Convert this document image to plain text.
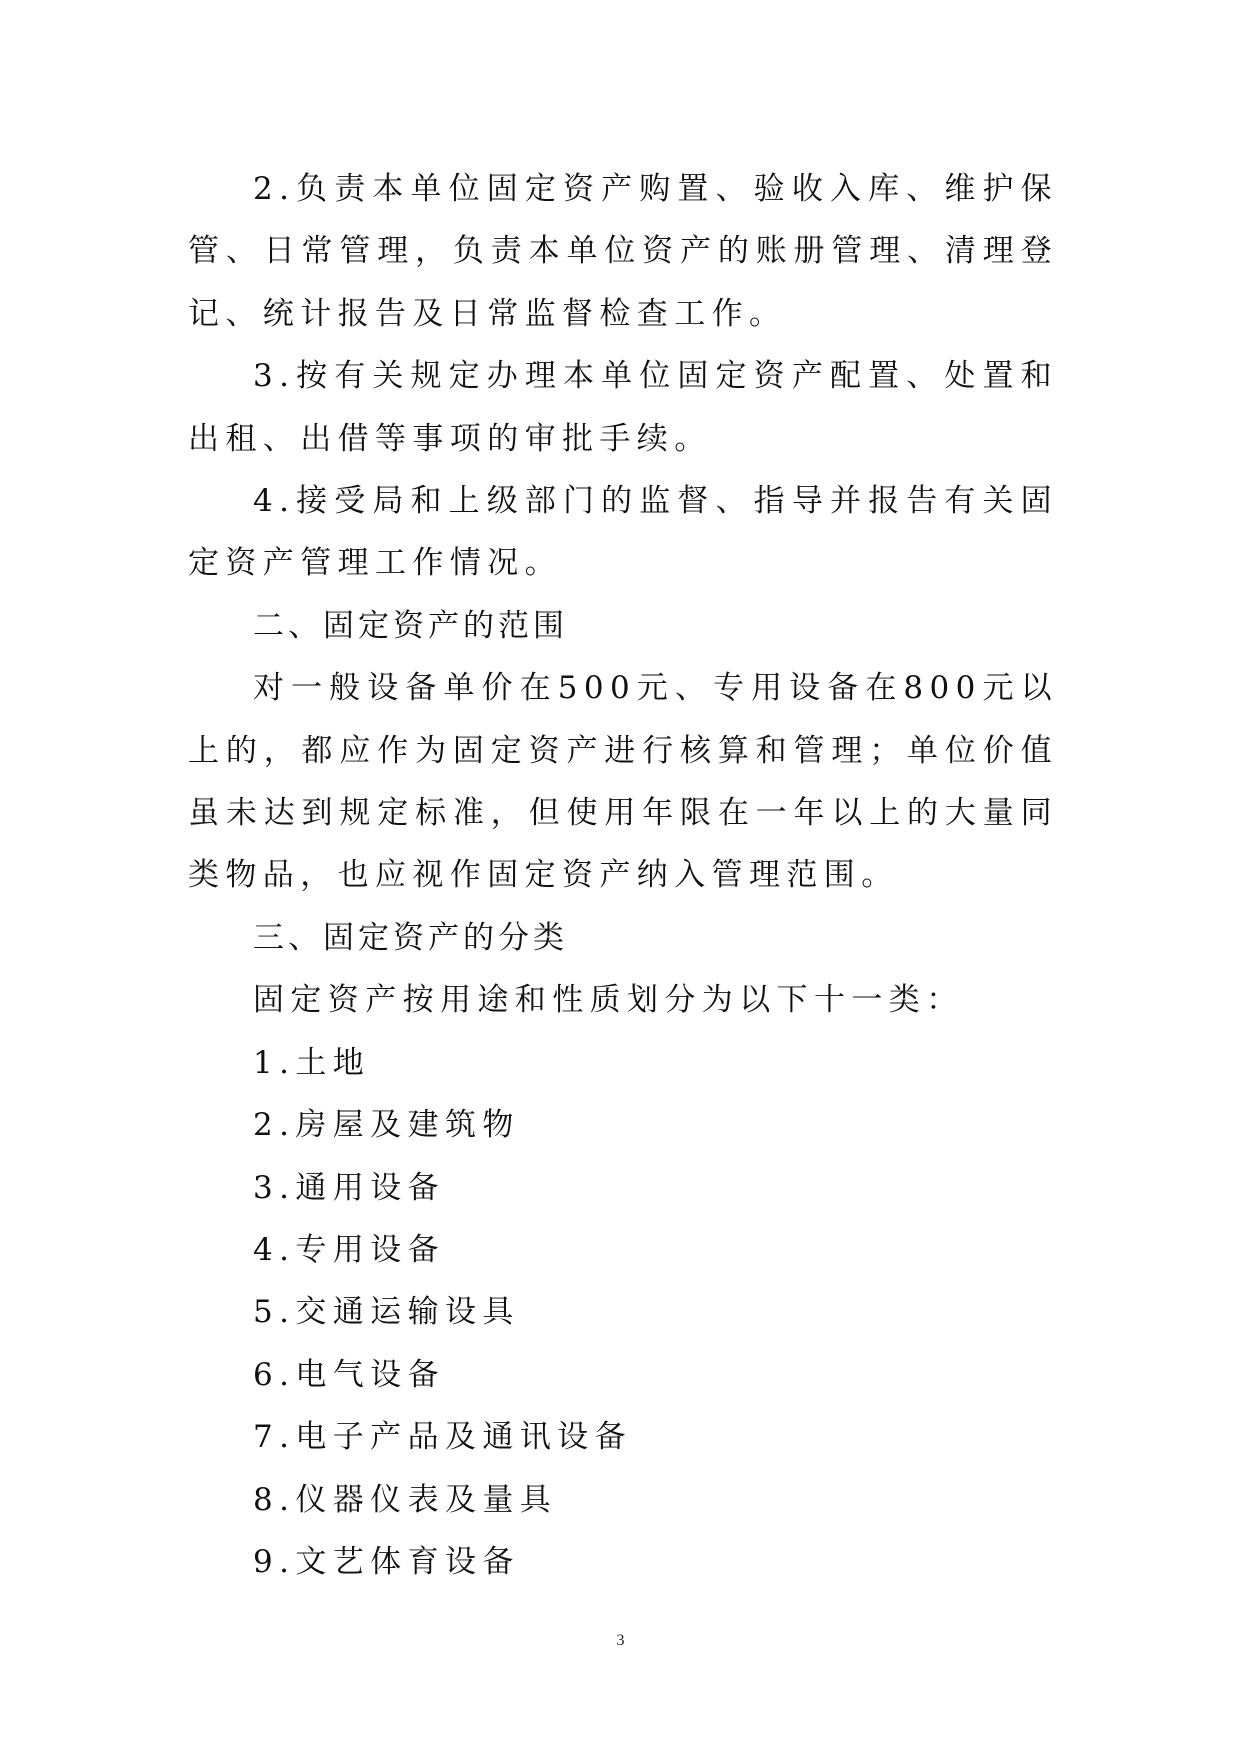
2.负责本单位固定资产购置、验收入库、维护保管、日常管理，负责本单位资产的账册管理、清理登记、统计报告及日常监督检查工作。

3.按有关规定办理本单位固定资产配置、处置和出租、出借等事项的审批手续。

4.接受局和上级部门的监督、指导并报告有关固定资产管理工作情况。

二、固定资产的范围

对一般设备单价在500元、专用设备在800元以上的，都应作为固定资产进行核算和管理；单位价值虽未达到规定标准，但使用年限在一年以上的大量同类物品，也应视作固定资产纳入管理范围。

三、固定资产的分类

固定资产按用途和性质划分为以下十一类：

1.土地

2.房屋及建筑物

3.通用设备

4.专用设备

5.交通运输设具

6.电气设备

7.电子产品及通讯设备

8.仪器仪表及量具

9.文艺体育设备

3
